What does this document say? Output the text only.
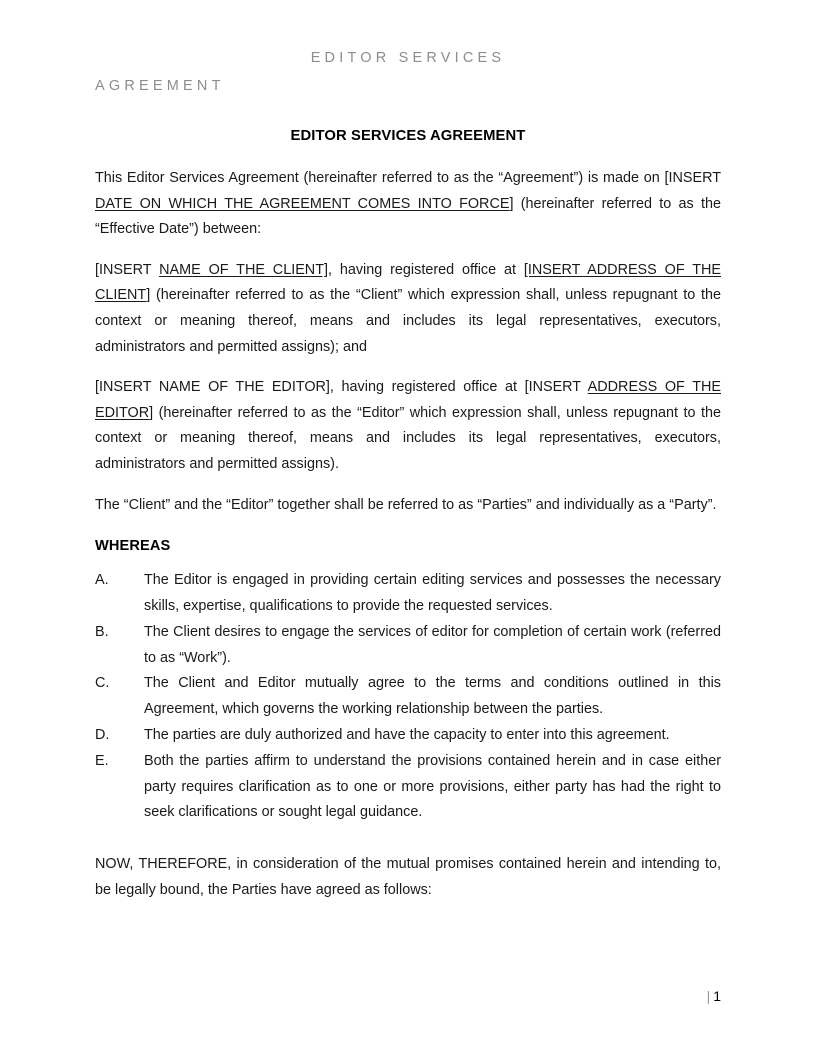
EDITOR SERVICES
AGREEMENT
EDITOR SERVICES AGREEMENT

This Editor Services Agreement (hereinafter referred to as the “Agreement”) is made on [INSERT DATE ON WHICH THE AGREEMENT COMES INTO FORCE] (hereinafter referred to as the “Effective Date”) between:

[INSERT NAME OF THE CLIENT], having registered office at [INSERT ADDRESS OF THE CLIENT] (hereinafter referred to as the “Client” which expression shall, unless repugnant to the context or meaning thereof, means and includes its legal representatives, executors, administrators and permitted assigns); and

[INSERT NAME OF THE EDITOR], having registered office at [INSERT ADDRESS OF THE EDITOR] (hereinafter referred to as the “Editor” which expression shall, unless repugnant to the context or meaning thereof, means and includes its legal representatives, executors, administrators and permitted assigns).

The “Client” and the “Editor” together shall be referred to as “Parties” and individually as a “Party”.

WHEREAS
A. The Editor is engaged in providing certain editing services and possesses the necessary skills, expertise, qualifications to provide the requested services.
B. The Client desires to engage the services of editor for completion of certain work (referred to as “Work”).
C. The Client and Editor mutually agree to the terms and conditions outlined in this Agreement, which governs the working relationship between the parties.
D. The parties are duly authorized and have the capacity to enter into this agreement.
E. Both the parties affirm to understand the provisions contained herein and in case either party requires clarification as to one or more provisions, either party has had the right to seek clarifications or sought legal guidance.

NOW, THEREFORE, in consideration of the mutual promises contained herein and intending to, be legally bound, the Parties have agreed as follows:

| 1
